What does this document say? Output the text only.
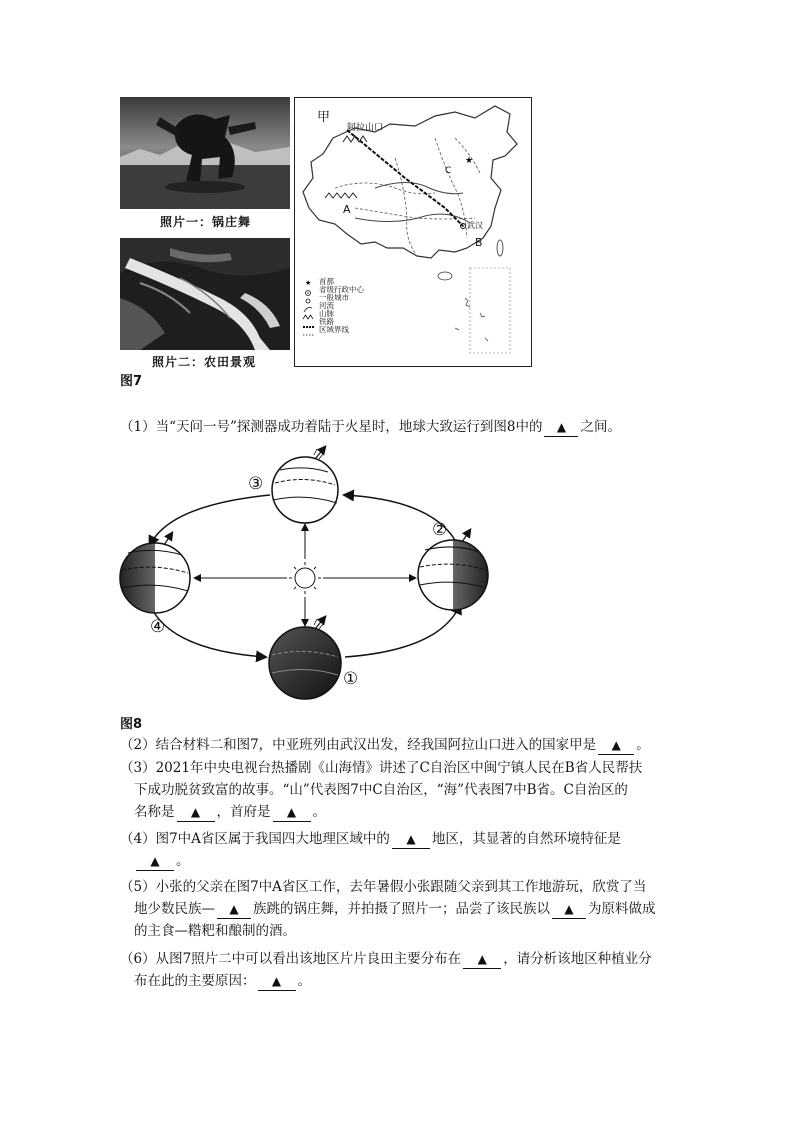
照片一：锅庄舞
照片二：农田景观
★
★
甲
阿拉山口
A
B
C
武汉
首都
省级行政中心
一般城市
河流
山脉
铁路
区域界线
图7
（1）当“天问一号”探测器成功着陆于火星时，地球大致运行到图8中的 ▲ 之间。
①
②
③
④
图8
（2）结合材料二和图7，中亚班列由武汉出发，经我国阿拉山口进入的国家甲是 ▲ 。
（3）2021年中央电视台热播剧《山海情》讲述了C自治区中闽宁镇人民在B省人民帮扶
下成功脱贫致富的故事。“山”代表图7中C自治区，“海”代表图7中B省。C自治区的
名称是 ▲ ，首府是 ▲ 。
（4）图7中A省区属于我国四大地理区域中的 ▲ 地区，其显著的自然环境特征是
▲ 。
（5）小张的父亲在图7中A省区工作，去年暑假小张跟随父亲到其工作地游玩，欣赏了当
地少数民族— ▲ 族跳的锅庄舞，并拍摄了照片一；品尝了该民族以 ▲ 为原料做成
的主食—糌粑和酿制的酒。
（6）从图7照片二中可以看出该地区片片良田主要分布在 ▲ ，请分析该地区种植业分
布在此的主要原因： ▲ 。
